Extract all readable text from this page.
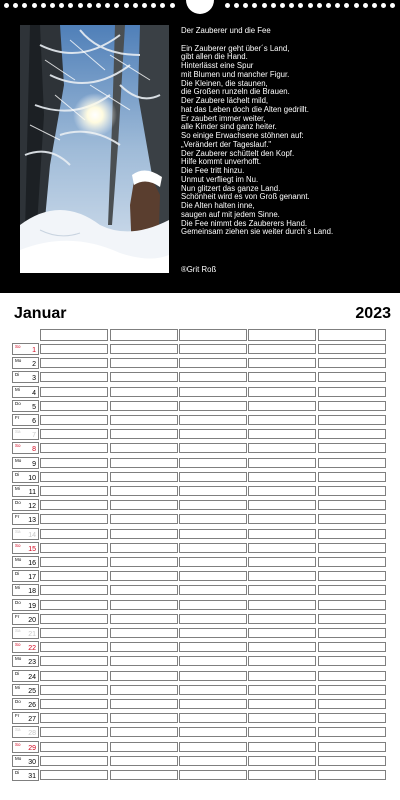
Der Zauberer und die Fee
Ein Zauberer geht über´s Land,
gibt allen die Hand.
Hinterlässt eine Spur
mit Blumen und mancher Figur.
Die Kleinen, die staunen,
die Großen runzeln die Brauen.
Der Zaubere lächelt mild,
hat das Leben doch die Alten gedrillt.
Er zaubert immer weiter,
alle Kinder sind ganz heiter.
So einige Erwachsene stöhnen auf:
„Verändert der Tageslauf."
Der Zauberer schüttelt den Kopf.
Hilfe kommt unverhofft.
Die Fee tritt hinzu.
Unmut verfliegt im Nu.
Nun glitzert das ganze Land.
Schönheit wird es von Groß genannt.
Die Alten halten inne,
saugen auf mit jedem Sinne.
Die Fee nimmt des Zauberers Hand.
Gemeinsam ziehen sie weiter durch´s Land.
®Grit Roß
Januar	2023
So
1
Mo
2
Di
3
Mi
4
Do
5
Fr
6
Sa
7
So
8
Mo
9
Di
10
Mi
11
Do
12
Fr
13
Sa
14
So
15
Mo
16
Di
17
Mi
18
Do
19
Fr
20
Sa
21
So
22
Mo
23
Di
24
Mi
25
Do
26
Fr
27
Sa
28
So
29
Mo
30
Di
31
